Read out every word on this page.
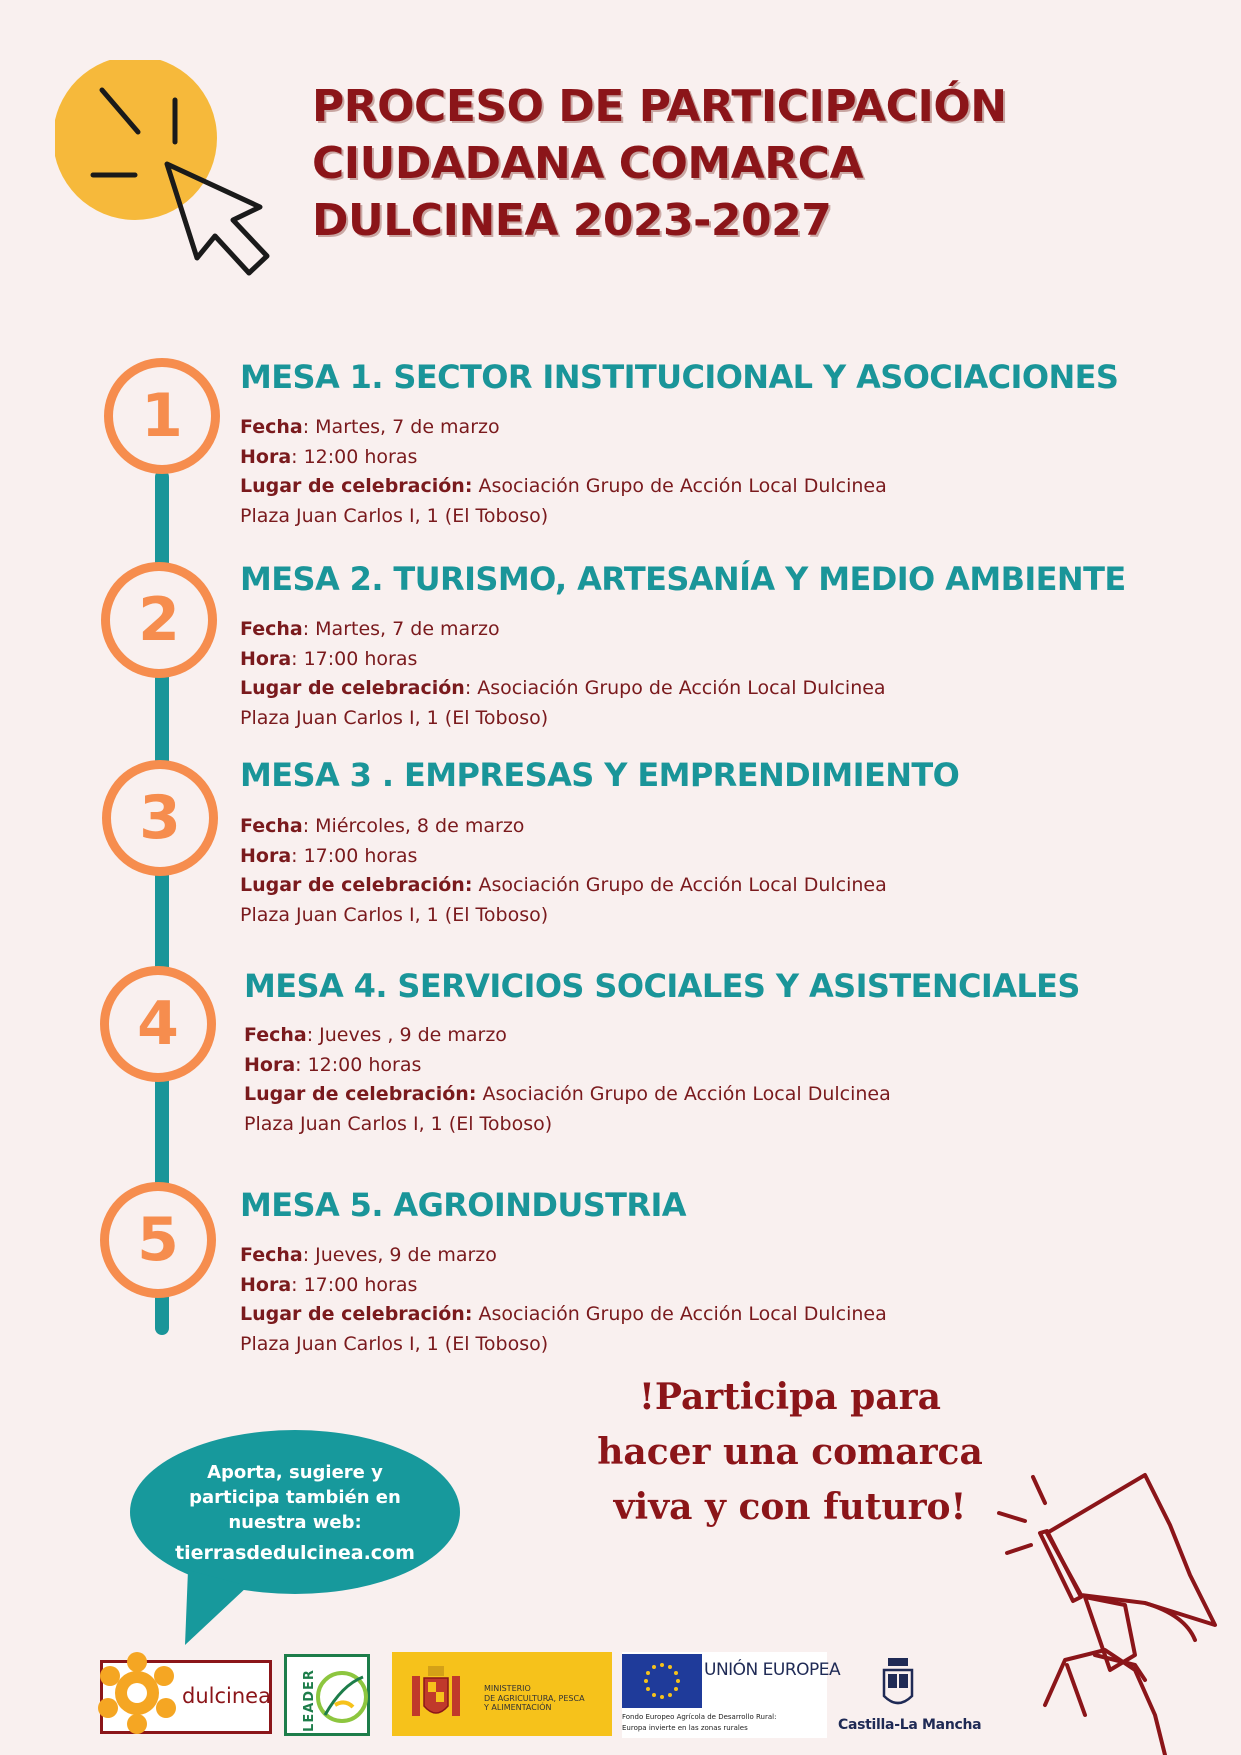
PROCESO DE PARTICIPACIÓN
CIUDADANA COMARCA
DULCINEA 2023-2027
1
MESA 1. SECTOR INSTITUCIONAL Y ASOCIACIONES
Fecha: Martes, 7 de marzo
Hora: 12:00 horas
Lugar de celebración: Asociación Grupo de Acción Local Dulcinea
Plaza Juan Carlos I, 1 (El Toboso)
2
MESA 2. TURISMO, ARTESANÍA Y MEDIO AMBIENTE
Fecha: Martes, 7 de marzo
Hora: 17:00 horas
Lugar de celebración: Asociación Grupo de Acción Local Dulcinea
Plaza Juan Carlos I, 1 (El Toboso)
3
MESA 3 . EMPRESAS Y EMPRENDIMIENTO
Fecha: Miércoles, 8 de marzo
Hora: 17:00 horas
Lugar de celebración: Asociación Grupo de Acción Local Dulcinea
Plaza Juan Carlos I, 1 (El Toboso)
4
MESA 4. SERVICIOS SOCIALES Y ASISTENCIALES
Fecha: Jueves , 9 de marzo
Hora: 12:00 horas
Lugar de celebración: Asociación Grupo de Acción Local Dulcinea
Plaza Juan Carlos I, 1 (El Toboso)
5 MESA 5. AGROINDUSTRIA
Fecha: Jueves, 9 de marzo
Hora: 17:00 horas
Lugar de celebración: Asociación Grupo de Acción Local Dulcinea
Plaza Juan Carlos I, 1 (El Toboso)
!Participa para
hacer una comarca
viva y con futuro!
Aporta, sugiere y
participa también en
nuestra web:
tierrasdedulcinea.com
dulcinea LEADER	MINISTERIO
DE AGRICULTURA, PESCA
Y ALIMENTACIÓN
UNIÓN EUROPEA
Fondo Europeo Agrícola de Desarrollo Rural:
Europa invierte en las zonas rurales	Castilla-La Mancha
